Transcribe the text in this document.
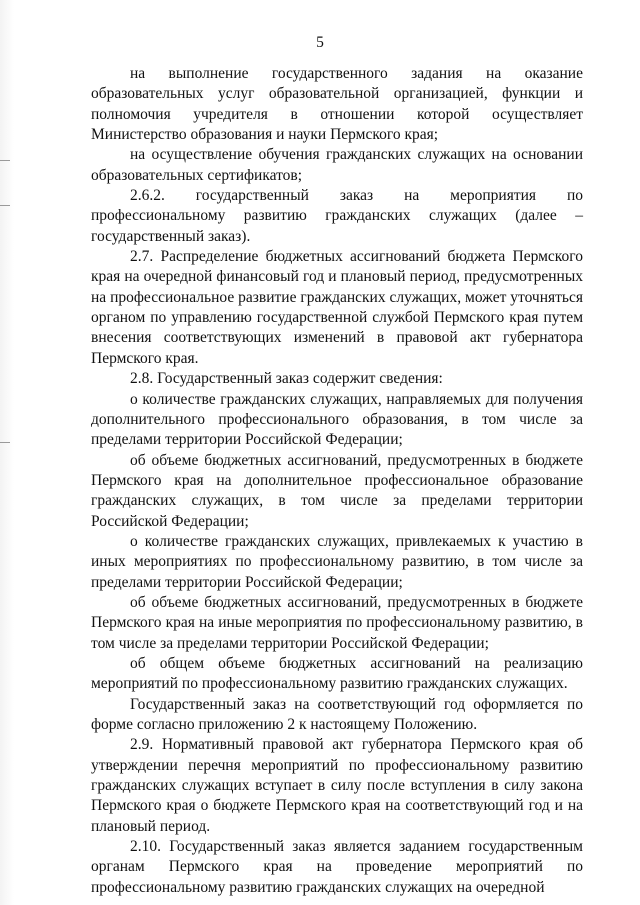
5

на выполнение государственного задания на оказание образовательных услуг образовательной организацией, функции и полномочия учредителя в отношении которой осуществляет Министерство образования и науки Пермского края;

на осуществление обучения гражданских служащих на основании образовательных сертификатов;

2.6.2. государственный заказ на мероприятия по профессиональному развитию гражданских служащих (далее – государственный заказ).

2.7. Распределение бюджетных ассигнований бюджета Пермского края на очередной финансовый год и плановый период, предусмотренных на профессиональное развитие гражданских служащих, может уточняться органом по управлению государственной службой Пермского края путем внесения соответствующих изменений в правовой акт губернатора Пермского края.

2.8. Государственный заказ содержит сведения:

о количестве гражданских служащих, направляемых для получения дополнительного профессионального образования, в том числе за пределами территории Российской Федерации;

об объеме бюджетных ассигнований, предусмотренных в бюджете Пермского края на дополнительное профессиональное образование гражданских служащих, в том числе за пределами территории Российской Федерации;

о количестве гражданских служащих, привлекаемых к участию в иных мероприятиях по профессиональному развитию, в том числе за пределами территории Российской Федерации;

об объеме бюджетных ассигнований, предусмотренных в бюджете Пермского края на иные мероприятия по профессиональному развитию, в том числе за пределами территории Российской Федерации;

об общем объеме бюджетных ассигнований на реализацию мероприятий по профессиональному развитию гражданских служащих.

Государственный заказ на соответствующий год оформляется по форме согласно приложению 2 к настоящему Положению.

2.9. Нормативный правовой акт губернатора Пермского края об утверждении перечня мероприятий по профессиональному развитию гражданских служащих вступает в силу после вступления в силу закона Пермского края о бюджете Пермского края на соответствующий год и на плановый период.

2.10. Государственный заказ является заданием государственным органам Пермского края на проведение мероприятий по профессиональному развитию гражданских служащих на очередной
